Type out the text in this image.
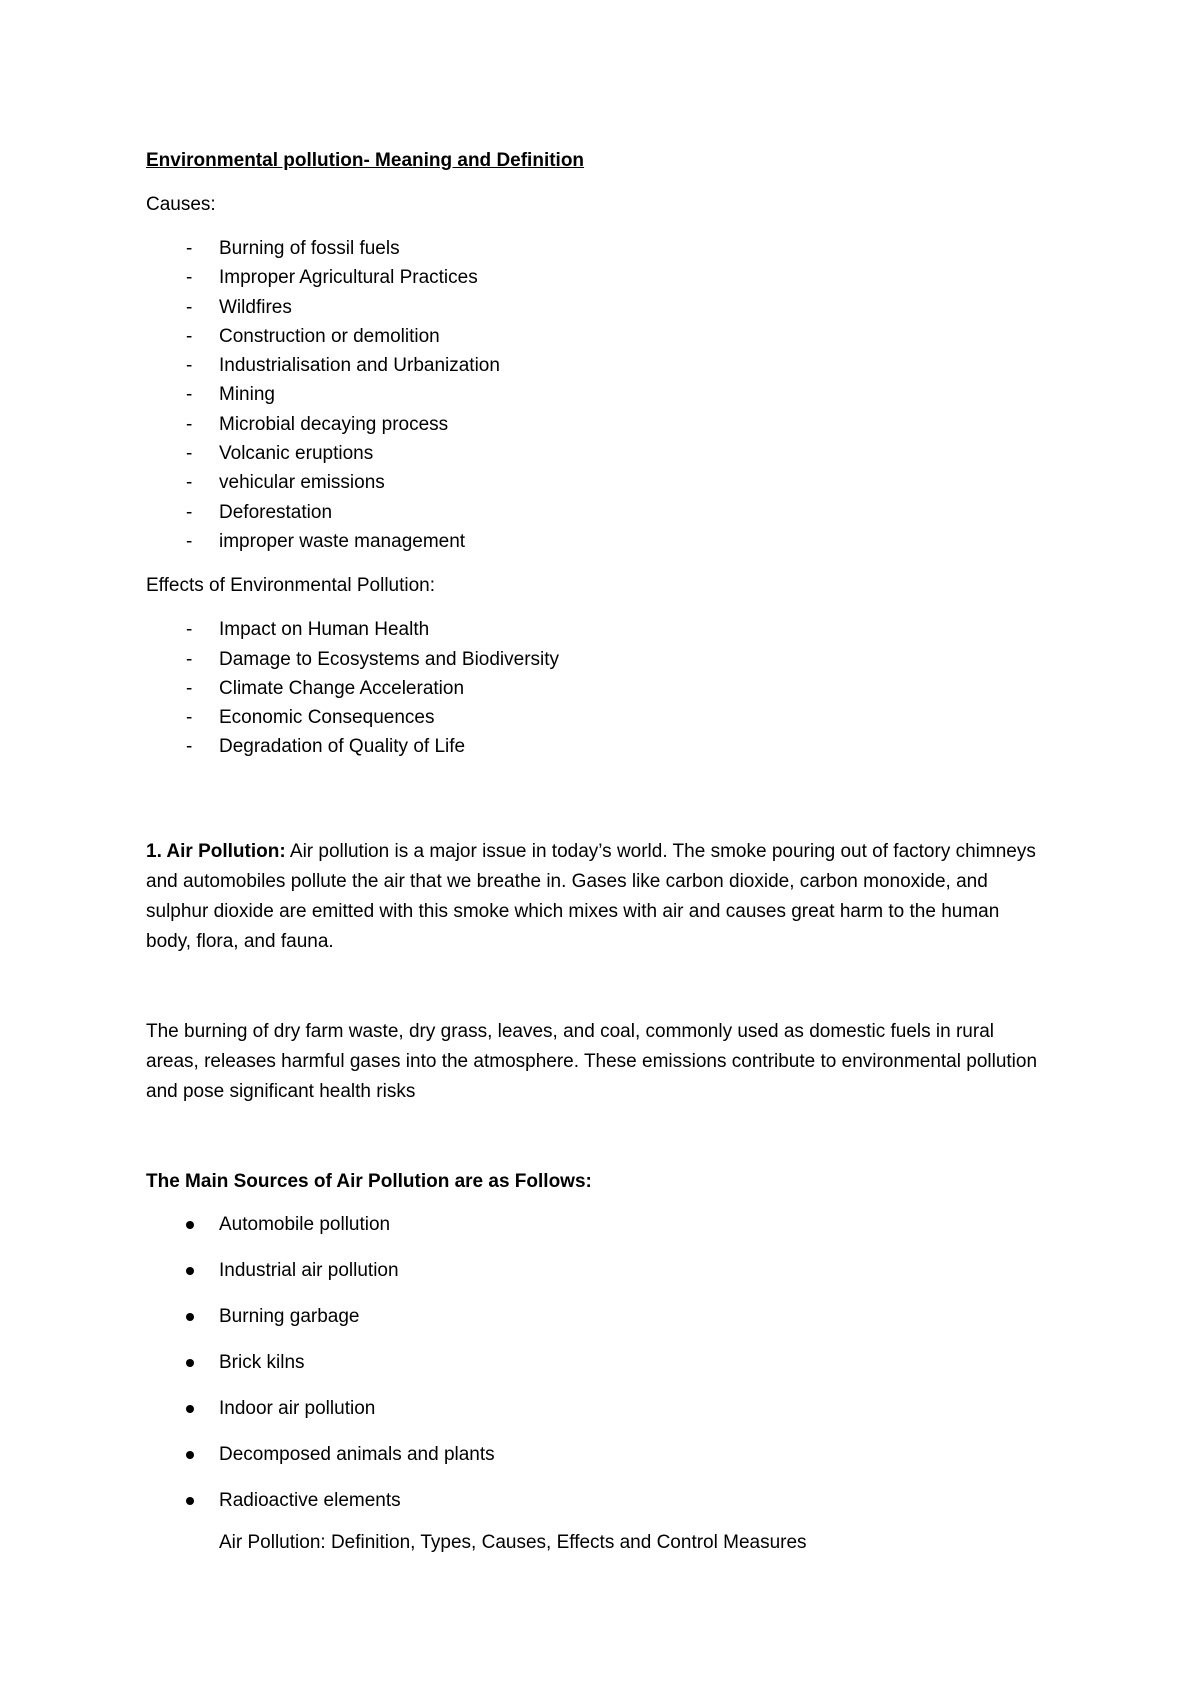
Environmental pollution- Meaning and Definition
Causes:
- Burning of fossil fuels
- Improper Agricultural Practices
- Wildfires
- Construction or demolition
- Industrialisation and Urbanization
- Mining
- Microbial decaying process
- Volcanic eruptions
- vehicular emissions
- Deforestation
- improper waste management
Effects of Environmental Pollution:
- Impact on Human Health
- Damage to Ecosystems and Biodiversity
- Climate Change Acceleration
- Economic Consequences
- Degradation of Quality of Life

1. Air Pollution: Air pollution is a major issue in today’s world. The smoke pouring out of factory chimneys and automobiles pollute the air that we breathe in. Gases like carbon dioxide, carbon monoxide, and sulphur dioxide are emitted with this smoke which mixes with air and causes great harm to the human body, flora, and fauna.

The burning of dry farm waste, dry grass, leaves, and coal, commonly used as domestic fuels in rural areas, releases harmful gases into the atmosphere. These emissions contribute to environmental pollution and pose significant health risks

The Main Sources of Air Pollution are as Follows:
Automobile pollution
Industrial air pollution
Burning garbage
Brick kilns
Indoor air pollution
Decomposed animals and plants
Radioactive elements
Air Pollution: Definition, Types, Causes, Effects and Control Measures
